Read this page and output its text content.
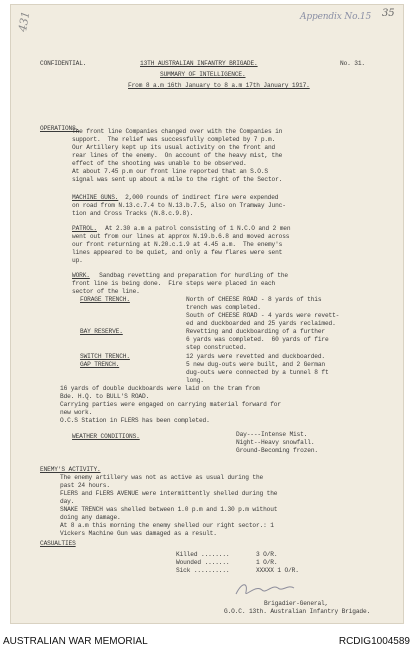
431	Appendix No.15 35
CONFIDENTIAL.	13TH AUSTRALIAN INFANTRY BRIGADE.	No. 31.
SUMMARY OF INTELLIGENCE.
From 8 a.m 16th January to 8 a.m 17th January 1917.
OPERATIONS.
The front line Companies changed over with the Companies in
support.  The relief was successfully completed by 7 p.m.
Our Artillery kept up its usual activity on the front and
rear lines of the enemy.  On account of the heavy mist, the
effect of the shooting was unable to be observed.
At about 7.45 p.m our front line reported that an S.O.S
signal was sent up about a mile to the right of the Sector.
MACHINE GUNS. 2,000 rounds of indirect fire were expended
on road from N.13.c.7.4 to N.13.b.7.5, also on Tramway Junc-
tion and Cross Tracks (N.8.c.9.8).
PATROL. At 2.30 a.m a patrol consisting of 1 N.C.O and 2 men
went out from our lines at approx N.19.b.6.8 and moved across
our front returning at N.20.c.1.9 at 4.45 a.m.  The enemy's
lines appeared to be quiet, and only a few flares were sent
up.
WORK. Sandbag revetting and preparation for hurdling of the
front line is being done.  Fire steps were placed in each
sector of the line.
FORAGE TRENCH.	North of CHEESE ROAD - 8 yards of this
trench was completed.
South of CHEESE ROAD - 4 yards were revett-
ed and duckboarded and 25 yards reclaimed.
BAY RESERVE.	Revetting and duckboarding of a further
6 yards was completed.  60 yards of fire
step constructed.
SWITCH TRENCH.	12 yards were revetted and duckboarded.
GAP TRENCH.	5 new dug-outs were built, and 2 German
dug-outs were connected by a tunnel 8 ft
long.
16 yards of double duckboards were laid on the tram from
Bde. H.Q. to BULL'S ROAD.
Carrying parties were engaged on carrying material forward for
new work.
O.C.S Station in FLERS has been completed.
WEATHER CONDITIONS.	Day----Intense Mist.
Night--Heavy snowfall.
Ground-Becoming frozen.
ENEMY'S ACTIVITY.
The enemy artillery was not as active as usual during the
past 24 hours.
FLERS and FLERS AVENUE were intermittently shelled during the
day.
SNAKE TRENCH was shelled between 1.0 p.m and 1.30 p.m without
doing any damage.
At 8 a.m this morning the enemy shelled our right sector.: 1
Vickers Machine Gun was damaged as a result.
CASUALTIES
Killed ........	3 O/R.
Wounded .......	1 O/R.
Sick ..........	XXXXX 1 O/R.
Brigadier-General,
G.O.C. 13th. Australian Infantry Brigade.
AUSTRALIAN WAR MEMORIAL	RCDIG1004589
